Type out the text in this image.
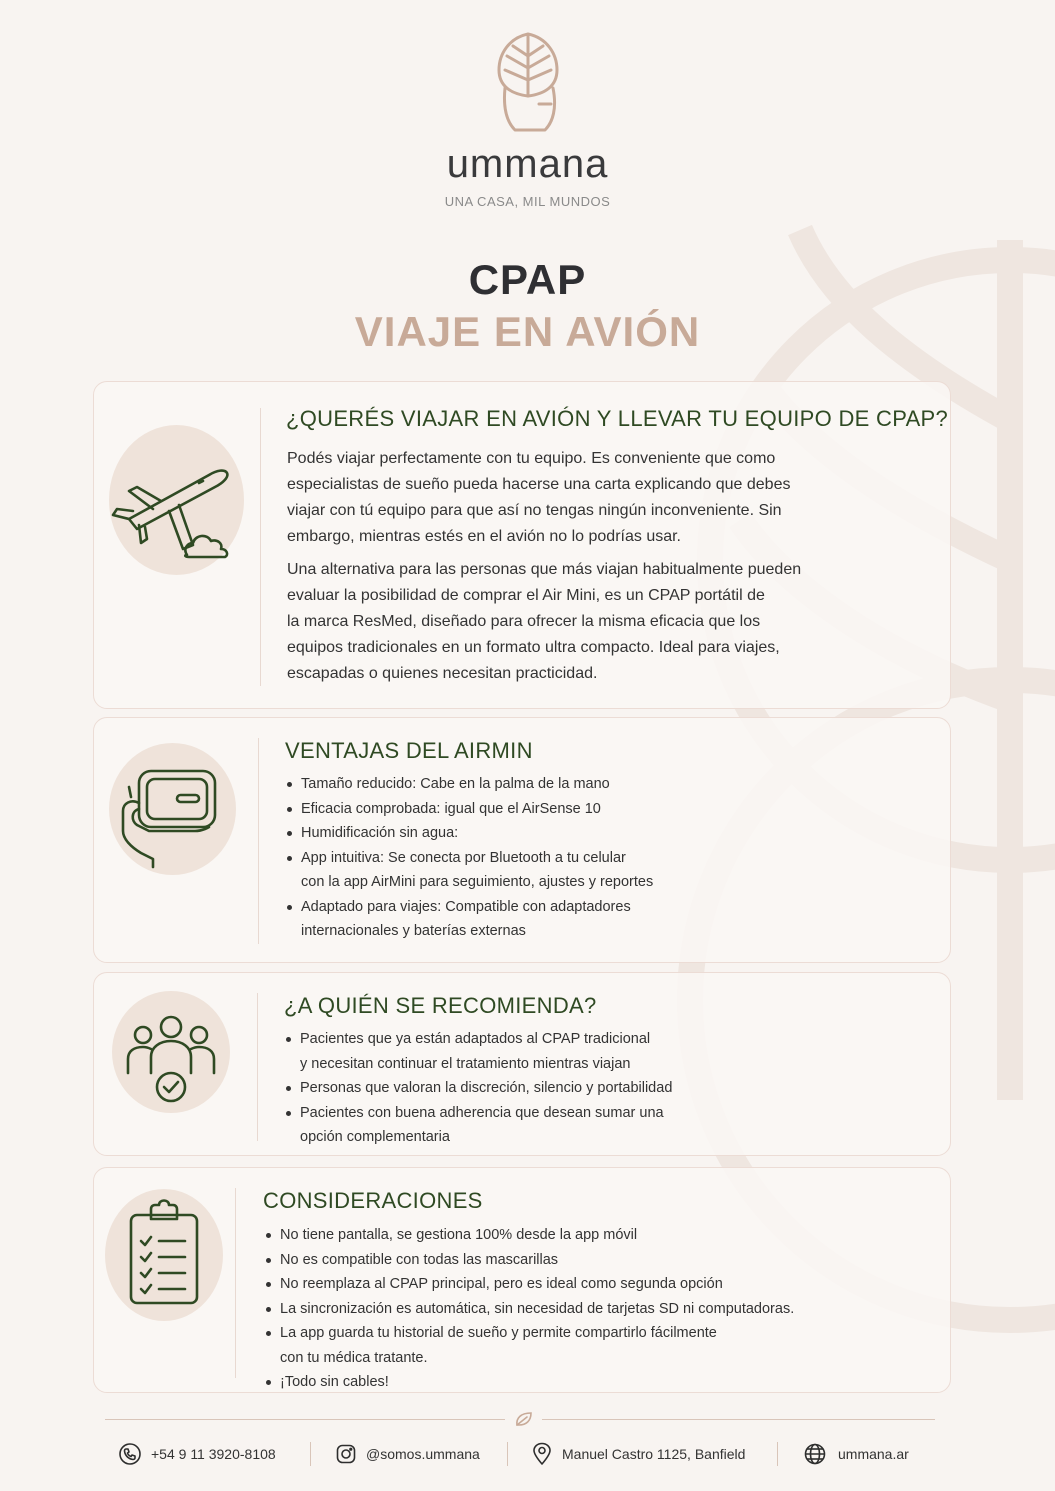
ummana
UNA CASA, MIL MUNDOS
CPAP
VIAJE EN AVIÓN
¿QUERÉS VIAJAR EN AVIÓN Y LLEVAR TU EQUIPO DE CPAP?
Podés viajar perfectamente con tu equipo. Es conveniente que como
especialistas de sueño pueda hacerse una carta explicando que debes
viajar con tú equipo para que así no tengas ningún inconveniente. Sin
embargo, mientras estés en el avión no lo podrías usar.
Una alternativa para las personas que más viajan habitualmente pueden
evaluar la posibilidad de comprar el Air Mini, es un CPAP portátil de
la marca ResMed, diseñado para ofrecer la misma eficacia que los
equipos tradicionales en un formato ultra compacto. Ideal para viajes,
escapadas o quienes necesitan practicidad.
VENTAJAS DEL AIRMIN
Tamaño reducido: Cabe en la palma de la mano
Eficacia comprobada: igual que el AirSense 10
Humidificación sin agua:
App intuitiva: Se conecta por Bluetooth a tu celular
con la app AirMini para seguimiento, ajustes y reportes
Adaptado para viajes: Compatible con adaptadores
internacionales y baterías externas
¿A QUIÉN SE RECOMIENDA?
Pacientes que ya están adaptados al CPAP tradicional
y necesitan continuar el tratamiento mientras viajan
Personas que valoran la discreción, silencio y portabilidad
Pacientes con buena adherencia que desean sumar una
opción complementaria
CONSIDERACIONES
No tiene pantalla, se gestiona 100% desde la app móvil
No es compatible con todas las mascarillas
No reemplaza al CPAP principal, pero es ideal como segunda opción
La sincronización es automática, sin necesidad de tarjetas SD ni computadoras.
La app guarda tu historial de sueño y permite compartirlo fácilmente
con tu médica tratante.
¡Todo sin cables!
+54 9 11 3920-8108	@somos.ummana	Manuel Castro 1125, Banfield	ummana.ar
